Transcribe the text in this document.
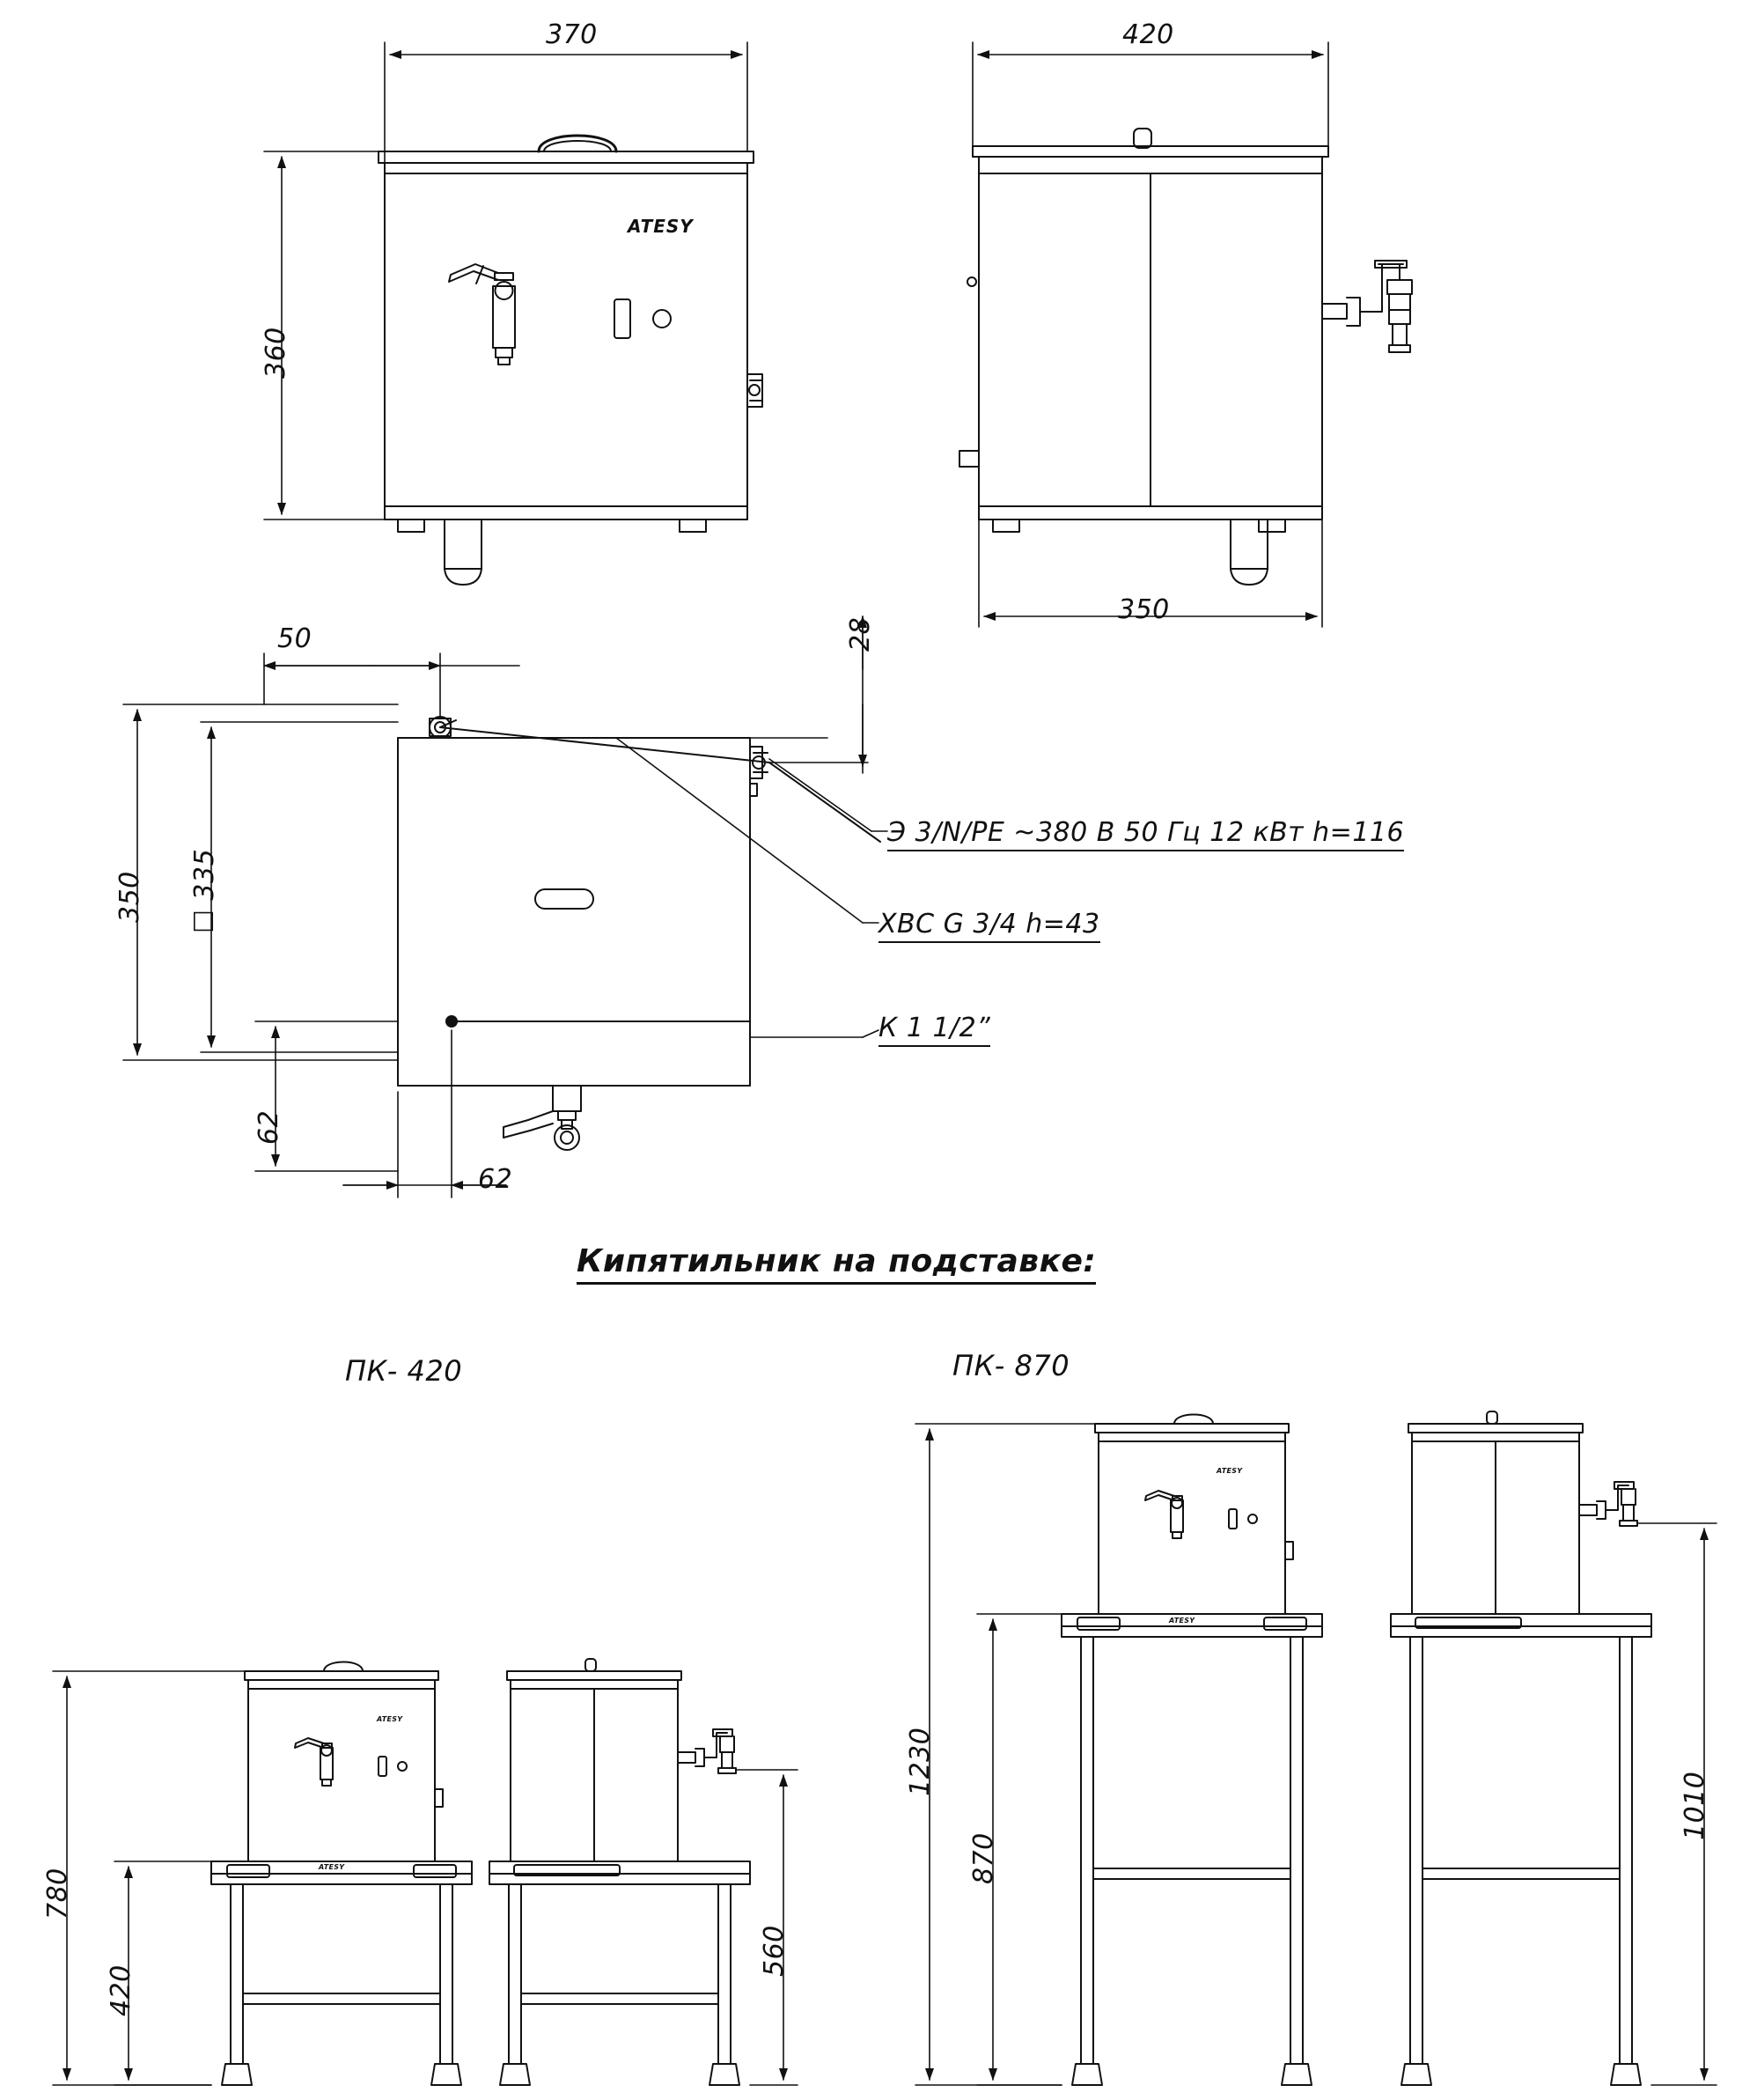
ATESY
ATESY
ATESY
ATESY
ATESY
370
360
420
350
50	28
350 ☐ 335
62
62
Э 3/N/PE ~380 В 50 Гц 12 кВт h=116
ХВС G 3/4 h=43
К 1 1/2”
Кипятильник на подставке:
ПК- 420	ПК- 870
780
420
560
1230
870
1010
